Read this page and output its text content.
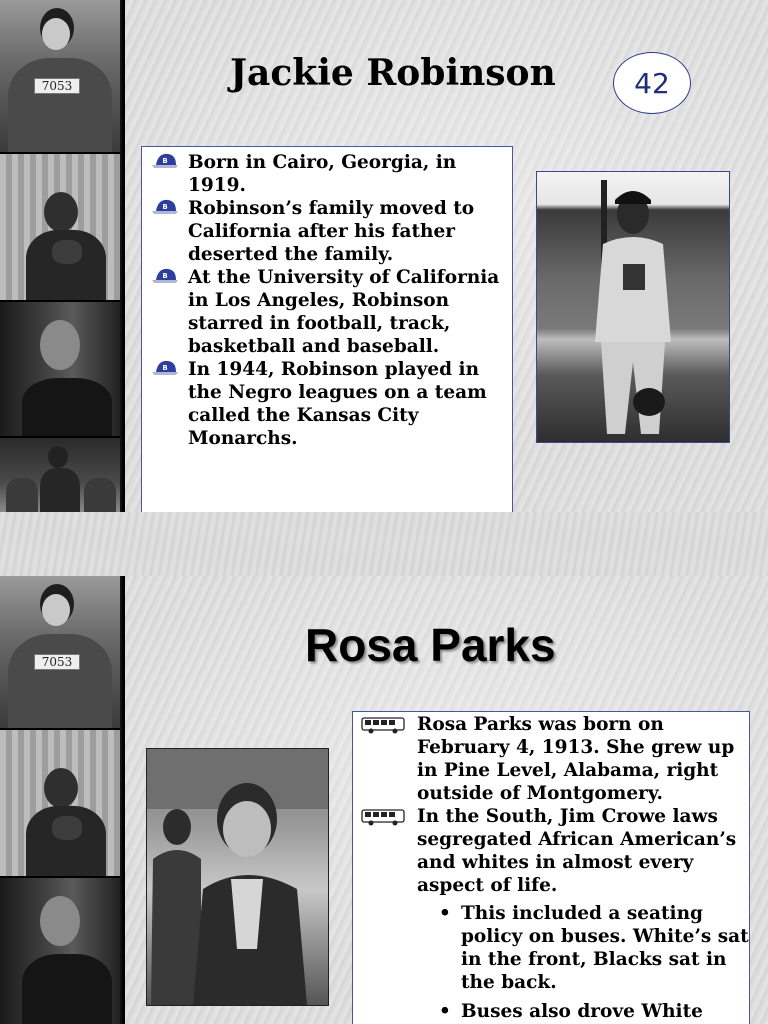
7053	Jackie Robinson	42
B Born in Cairo, Georgia, in 1919.
B Robinson’s family moved to California after his father deserted the family.
B At the University of California in Los Angeles, Robinson starred in football, track, basketball and baseball.
B In 1944, Robinson played in the Negro leagues on a team called the Kansas City Monarchs.
7053	Rosa Parks
Rosa Parks was born on February 4, 1913. She grew up in Pine Level, Alabama, right outside of Montgomery.
In the South, Jim Crowe laws segregated African American’s and whites in almost every aspect of life.
• This included a seating policy on buses. White’s sat in the front, Blacks sat in the back.
• Buses also drove White
